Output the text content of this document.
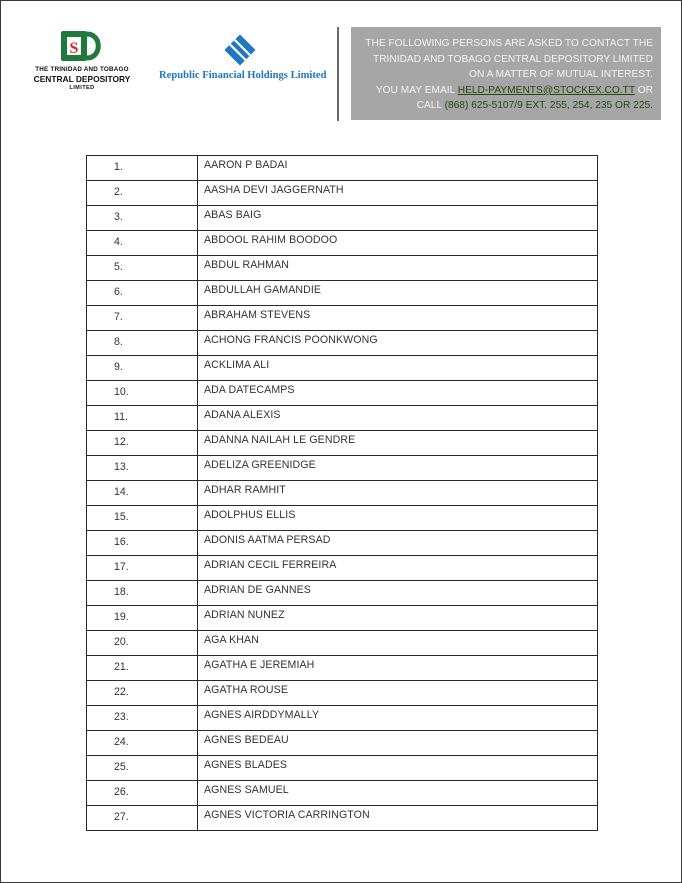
S
THE TRINIDAD AND TOBAGO
CENTRAL DEPOSITORY
LIMITED
Republic Financial Holdings Limited
THE FOLLOWING PERSONS ARE ASKED TO CONTACT THE
TRINIDAD AND TOBAGO CENTRAL DEPOSITORY LIMITED
ON A MATTER OF MUTUAL INTEREST.
YOU MAY EMAIL HELD-PAYMENTS@STOCKEX.CO.TT OR
CALL (868) 625-5107/9 EXT. 255, 254, 235 OR 225.
1.	AARON P BADAI
2.	AASHA DEVI JAGGERNATH
3.	ABAS BAIG
4.	ABDOOL RAHIM BOODOO
5.	ABDUL RAHMAN
6.	ABDULLAH GAMANDIE
7.	ABRAHAM STEVENS
8.	ACHONG FRANCIS POONKWONG
9.	ACKLIMA ALI
10.	ADA DATECAMPS
11.	ADANA ALEXIS
12.	ADANNA NAILAH LE GENDRE
13.	ADELIZA GREENIDGE
14.	ADHAR RAMHIT
15.	ADOLPHUS ELLIS
16.	ADONIS AATMA PERSAD
17.	ADRIAN CECIL FERREIRA
18.	ADRIAN DE GANNES
19.	ADRIAN NUNEZ
20.	AGA KHAN
21.	AGATHA E JEREMIAH
22.	AGATHA ROUSE
23.	AGNES AIRDDYMALLY
24.	AGNES BEDEAU
25.	AGNES BLADES
26.	AGNES SAMUEL
27.	AGNES VICTORIA CARRINGTON
